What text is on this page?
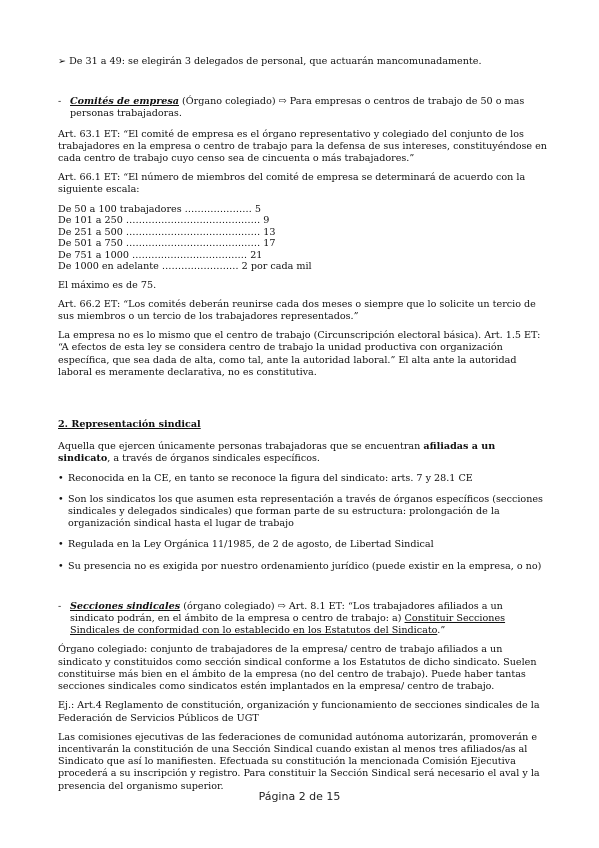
➢ De 31 a 49: se elegirán 3 delegados de personal, que actuarán mancomunadamente.

- Comités de empresa (Órgano colegiado) ⇨ Para empresas o centros de trabajo de 50 o mas personas trabajadoras.

Art. 63.1 ET: “El comité de empresa es el órgano representativo y colegiado del conjunto de los trabajadores en la empresa o centro de trabajo para la defensa de sus intereses, constituyéndose en cada centro de trabajo cuyo censo sea de cincuenta o más trabajadores.”

Art. 66.1 ET: “El número de miembros del comité de empresa se determinará de acuerdo con la siguiente escala:

De 50 a 100 trabajadores ………………… 5
De 101 a 250 …………………………………… 9
De 251 a 500 …………………………………… 13
De 501 a 750 …………………………………… 17
De 751 a 1000 ……………………………… 21
De 1000 en adelante …………………… 2 por cada mil

El máximo es de 75.

Art. 66.2 ET: “Los comités deberán reunirse cada dos meses o siempre que lo solicite un tercio de sus miembros o un tercio de los trabajadores representados.”

La empresa no es lo mismo que el centro de trabajo (Circunscripción electoral básica). Art. 1.5 ET: “A efectos de esta ley se considera centro de trabajo la unidad productiva con organización específica, que sea dada de alta, como tal, ante la autoridad laboral.” El alta ante la autoridad laboral es meramente declarativa, no es constitutiva.

2. Representación sindical

Aquella que ejercen únicamente personas trabajadoras que se encuentran afiliadas a un sindicato, a través de órganos sindicales específicos.

• Reconocida en la CE, en tanto se reconoce la figura del sindicato: arts. 7 y 28.1 CE
• Son los sindicatos los que asumen esta representación a través de órganos específicos (secciones sindicales y delegados sindicales) que forman parte de su estructura: prolongación de la organización sindical hasta el lugar de trabajo
• Regulada en la Ley Orgánica 11/1985, de 2 de agosto, de Libertad Sindical
• Su presencia no es exigida por nuestro ordenamiento jurídico (puede existir en la empresa, o no)
- Secciones sindicales (órgano colegiado) ⇨ Art. 8.1 ET: “Los trabajadores afiliados a un sindicato podrán, en el ámbito de la empresa o centro de trabajo: a) Constituir Secciones Sindicales de conformidad con lo establecido en los Estatutos del Sindicato.”

Órgano colegiado: conjunto de trabajadores de la empresa/ centro de trabajo afiliados a un sindicato y constituidos como sección sindical conforme a los Estatutos de dicho sindicato. Suelen constituirse más bien en el ámbito de la empresa (no del centro de trabajo). Puede haber tantas secciones sindicales como sindicatos estén implantados en la empresa/ centro de trabajo.

Ej.: Art.4 Reglamento de constitución, organización y funcionamiento de secciones sindicales de la Federación de Servicios Públicos de UGT

Las comisiones ejecutivas de las federaciones de comunidad autónoma autorizarán, promoverán e incentivarán la constitución de una Sección Sindical cuando existan al menos tres afiliados/as al Sindicato que así lo manifiesten. Efectuada su constitución la mencionada Comisión Ejecutiva procederá a su inscripción y registro. Para constituir la Sección Sindical será necesario el aval y la presencia del organismo superior.

Página 2 de 15
